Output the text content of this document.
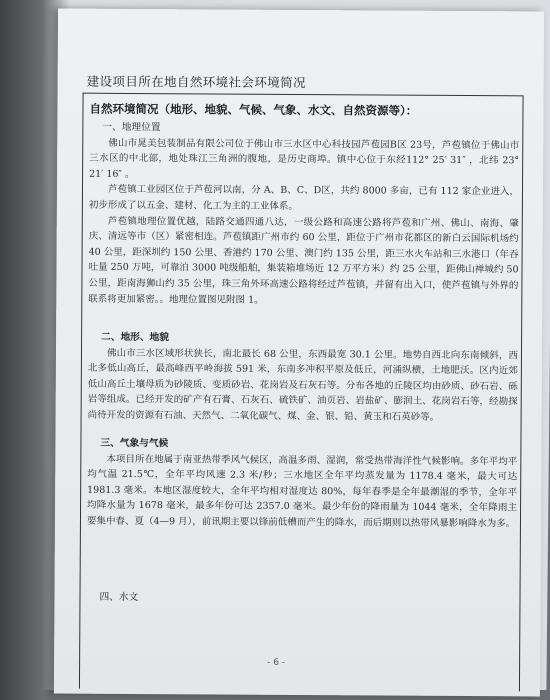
建设项目所在地自然环境社会环境简况
自然环境简况（地形、地貌、气候、气象、水文、自然资源等）：

一、地理位置

佛山市晁美包装制品有限公司位于佛山市三水区中心科技园芦苞园B区 23号，芦苞镇位于佛山市三水区的中北部，地处珠江三角洲的腹地，是历史商埠。镇中心位于东经112° 25′ 31″ ，北纬 23° 21′ 16″ 。

芦苞镇工业园区位于芦苞河以南，分 A、B、C、D区，共约 8000 多亩，已有 112 家企业进入，初步形成了以五金、建材、化工为主的工业体系。

芦苞镇地理位置优越，陆路交通四通八达，一级公路和高速公路将芦苞和广州、佛山、南海、肇庆、清远等市（区）紧密相连。芦苞镇距广州市约 60 公里，距位于广州市花都区的新白云国际机场约 40 公里，距深圳约 150 公里、香港约 170 公里、澳门约 135 公里，距三水火车站和三水港口（年吞吐量 250 万吨，可靠泊 3000 吨级船舶，集装箱堆场近 12 万平方米）约 25 公里，距佛山禅城约 50 公里，距南海狮山约 35 公里，珠三角外环高速公路将经过芦苞镇，并留有出入口，使芦苞镇与外界的联系将更加紧密。。地理位置图见附图 1。

二、地形、地貌

佛山市三水区域形状狭长，南北最长 68 公里，东西最宽 30.1 公里。地势自西北向东南倾斜，西北多低山高丘，最高峰西平岭海拔 591 米，东南多冲积平原及低丘，河涌纵横，土地肥沃。区内近郊低山高丘土壤母质为砂陵质、变质砂岩、花岗岩及石灰石等。分布各地的丘陵区均由砂质、砂石岩、砾岩等组成。已经开发的矿产有石膏、石灰石、硫铁矿、油页岩、岩盐矿、膨润土、花岗岩石等，经勘探尚待开发的资源有石油、天然气、二氧化碳气、煤、金、银、铅、黄玉和石英砂等。

三、气象与气候

本项目所在地属于南亚热带季风气候区，高温多雨、湿润，常受热带海洋性气候影响。多年平均平均气温 21.5℃，全年平均风速 2.3 米/秒；三水地区全年平均蒸发量为 1178.4 毫米，最大可达 1981.3 毫米。本地区湿度较大，全年平均相对湿度达 80%，每年春季是全年最潮湿的季节，全年平均降水量为 1678 毫米，最多年份可达 2357.0 毫米。最少年份的降雨量为 1044 毫米，全年降雨主要集中春、夏（4—9 月），前讯期主要以锋前低槽而产生的降水，而后期则以热带风暴影响降水为多。

四、水文

- 6 -
